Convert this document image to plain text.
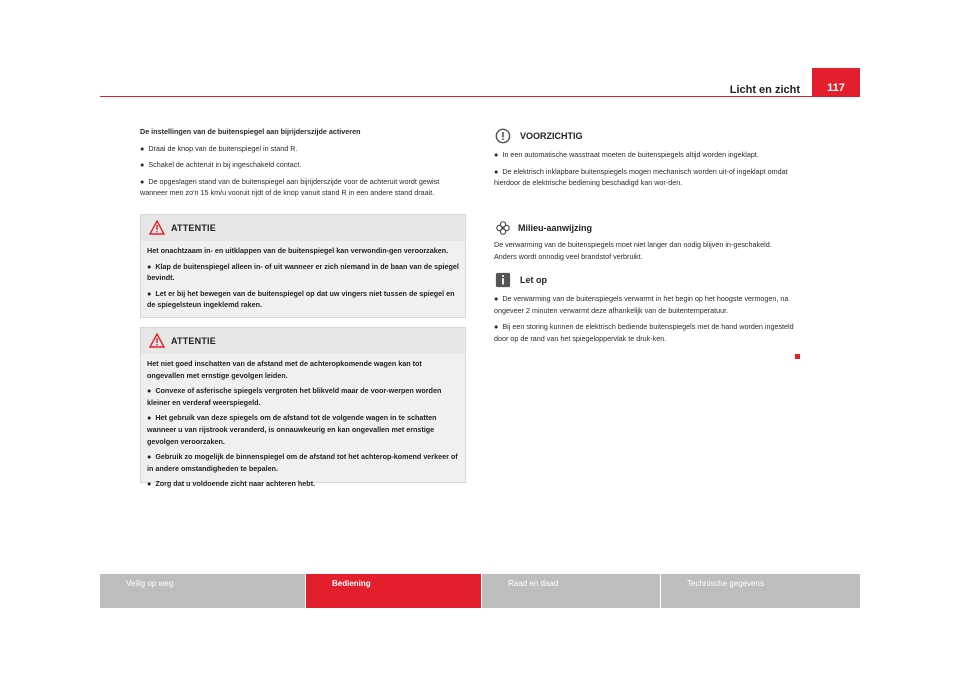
Licht en zicht	117

De instellingen van de buitenspiegel aan bijrijderszijde activeren

● Draai de knop van de buitenspiegel in stand R.

● Schakel de achteruit in bij ingeschakeld contact.

● De opgeslagen stand van de buitenspiegel aan bijrijderszijde voor de achteruit wordt gewist wanneer men zo'n 15 km/u vooruit rijdt of de knop vanuit stand R in een andere stand draait.

ATTENTIE

Het onachtzaam in- en uitklappen van de buitenspiegel kan verwondin-gen veroorzaken.

● Klap de buitenspiegel alleen in- of uit wanneer er zich niemand in de baan van de spiegel bevindt.

● Let er bij het bewegen van de buitenspiegel op dat uw vingers niet tussen de spiegel en de spiegelsteun ingeklemd raken.

ATTENTIE

Het niet goed inschatten van de afstand met de achteropkomende wagen kan tot ongevallen met ernstige gevolgen leiden.

● Convexe of asferische spiegels vergroten het blikveld maar de voor-werpen worden kleiner en verderaf weerspiegeld.

● Het gebruik van deze spiegels om de afstand tot de volgende wagen in te schatten wanneer u van rijstrook veranderd, is onnauwkeurig en kan ongevallen met ernstige gevolgen veroorzaken.

● Gebruik zo mogelijk de binnenspiegel om de afstand tot het achterop-komend verkeer of in andere omstandigheden te bepalen.

● Zorg dat u voldoende zicht naar achteren hebt.

VOORZICHTIG

● In een automatische wasstraat moeten de buitenspiegels altijd worden ingeklapt.

● De elektrisch inklapbare buitenspiegels mogen mechanisch worden uit-of ingeklapt omdat hierdoor de elektrische bediening beschadigd kan wor-den.

Milieu-aanwijzing

De verwarming van de buitenspiegels moet niet langer dan nodig blijven in-geschakeld. Anders wordt onnodig veel brandstof verbruikt.

Let op

● De verwarming van de buitenspiegels verwarmt in het begin op het hoogste vermogen, na ongeveer 2 minuten verwarmt deze afhankelijk van de buitentemperatuur.

● Bij een storing kunnen de elektrisch bediende buitenspiegels met de hand worden ingesteld door op de rand van het spiegeloppervlak te druk-ken.

Veilig op weg	Bediening	Raad en daad	Technische gegevens
